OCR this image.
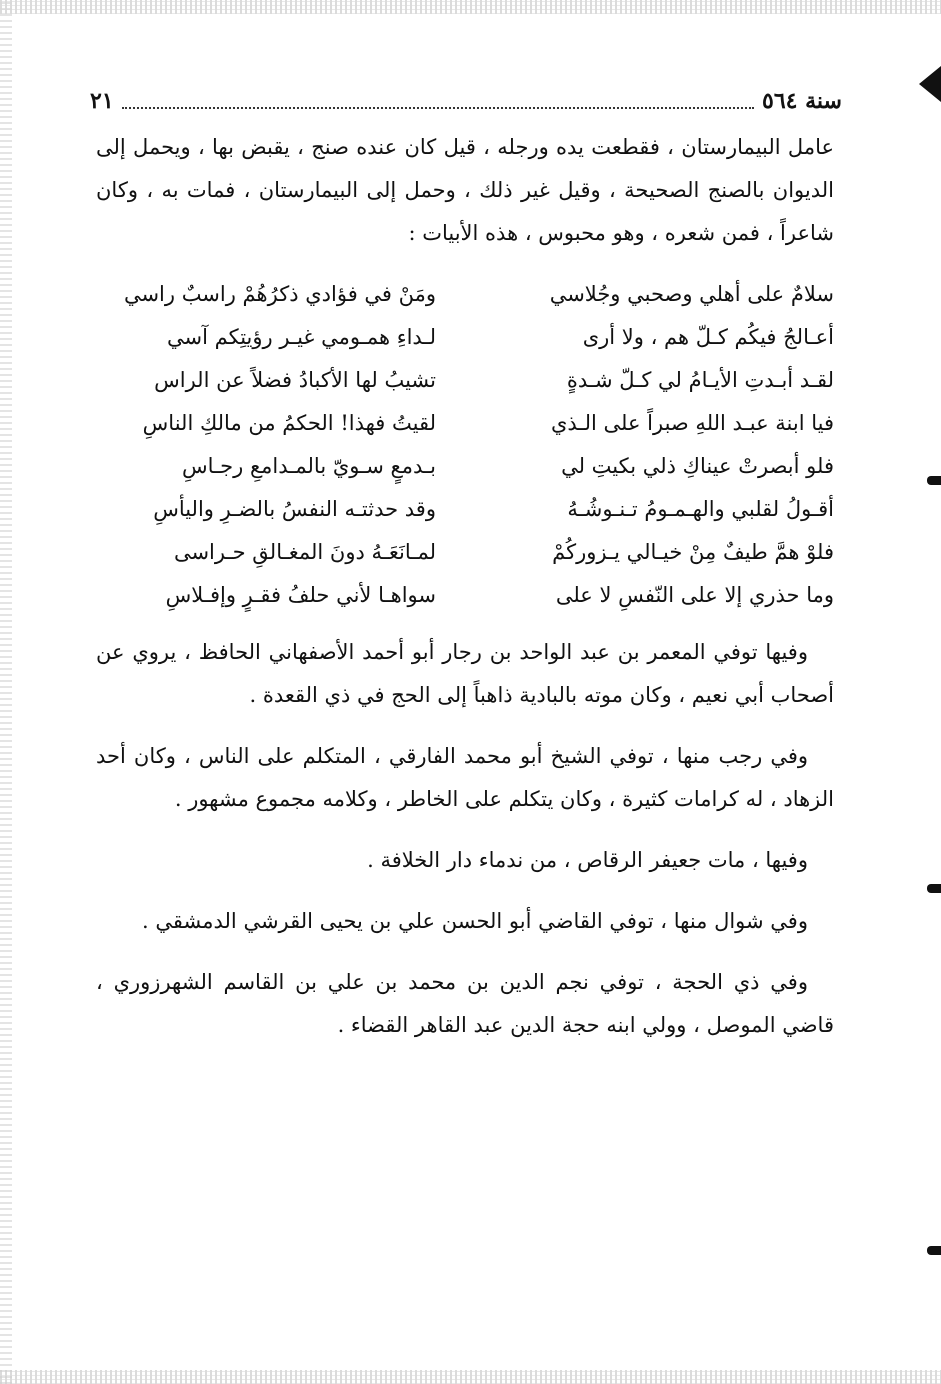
سنة ٥٦٤
٢١

عامل البيمارستان ، فقطعت يده ورجله ، قيل كان عنده صنج ، يقبض بها ، ويحمل إلى الديوان بالصنج الصحيحة ، وقيل غير ذلك ، وحمل إلى البيمارستان ، فمات به ، وكان شاعراً ، فمن شعره ، وهو محبوس ، هذه الأبيات :

سلامٌ على أهلي وصحبي وجُلاسي
ومَنْ في فؤادي ذكرُهُمْ راسبٌ راسي
أعـالجُ فيكُم كـلّ هم ، ولا أرى
لـداءِ همـومي غيـر رؤيتِكم آسي
لقـد أبـدتِ الأيـامُ لي كـلّ شـدةٍ
تشيبُ لها الأكبادُ فضلاً عن الراس
فيا ابنة عبـد اللهِ صبراً على الـذي
لقيتُ فهذا! الحكمُ من مالكِ الناسِ
فلو أبصرتْ عيناكِ ذلي بكيتِ لي
بـدمعٍ سـويّ بالمـدامعِ رجـاسِ
أقـولُ لقلبي والهـمـومُ تـنـوشُـهُ
وقد حدثتـه النفسُ بالضـرِ واليأسِ
فلوْ همَّ طيفٌ مِنْ خيـالي يـزوركُمْ
لمـانَعَـهُ دونَ المغـالقِ حـراسى
وما حذري إلا على النّفسِ لا على
سواهـا لأني حلفُ فقـرٍ وإفـلاسِ

وفيها توفي المعمر بن عبد الواحد بن رجار أبو أحمد الأصفهاني الحافظ ، يروي عن أصحاب أبي نعيم ، وكان موته بالبادية ذاهباً إلى الحج في ذي القعدة .

وفي رجب منها ، توفي الشيخ أبو محمد الفارقي ، المتكلم على الناس ، وكان أحد الزهاد ، له كرامات كثيرة ، وكان يتكلم على الخاطر ، وكلامه مجموع مشهور .

وفيها ، مات جعيفر الرقاص ، من ندماء دار الخلافة .

وفي شوال منها ، توفي القاضي أبو الحسن علي بن يحيى القرشي الدمشقي .

وفي ذي الحجة ، توفي نجم الدين بن محمد بن علي بن القاسم الشهرزوري ، قاضي الموصل ، وولي ابنه حجة الدين عبد القاهر القضاء .
